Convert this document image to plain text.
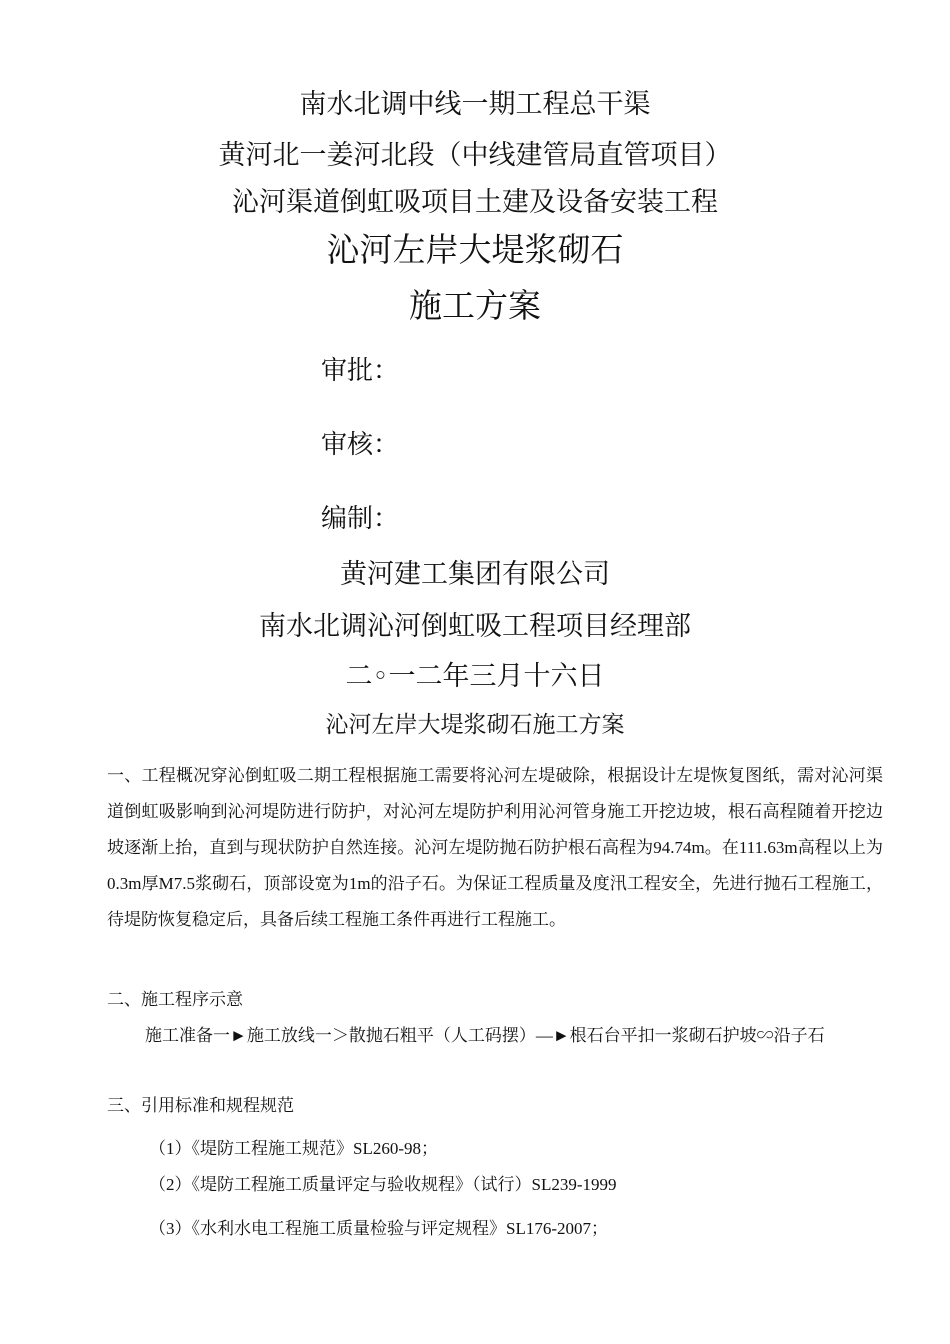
南水北调中线一期工程总干渠
黄河北一姜河北段（中线建管局直管项目）
沁河渠道倒虹吸项目土建及设备安装工程
沁河左岸大堤浆砌石
施工方案
审批：
审核：
编制：
黄河建工集团有限公司
南水北调沁河倒虹吸工程项目经理部
二◦一二年三月十六日
沁河左岸大堤浆砌石施工方案
一、工程概况穿沁倒虹吸二期工程根据施工需要将沁河左堤破除，根据设计左堤恢复图纸，需对沁河渠道倒虹吸影响到沁河堤防进行防护，对沁河左堤防护利用沁河管身施工开挖边坡，根石高程随着开挖边坡逐渐上抬，直到与现状防护自然连接。沁河左堤防抛石防护根石高程为94.74m。在111.63m高程以上为0.3m厚M7.5浆砌石，顶部设宽为1m的沿子石。为保证工程质量及度汛工程安全，先进行抛石工程施工，待堤防恢复稳定后，具备后续工程施工条件再进行工程施工。
二、施工程序示意
施工准备一►施工放线一＞散抛石粗平（人工码摆）—►根石台平扣一浆砌石护坡∽沿子石
三、引用标准和规程规范
（1）《堤防工程施工规范》SL260-98；
（2）《堤防工程施工质量评定与验收规程》（试行）SL239-1999
（3）《水利水电工程施工质量检验与评定规程》SL176-2007；
